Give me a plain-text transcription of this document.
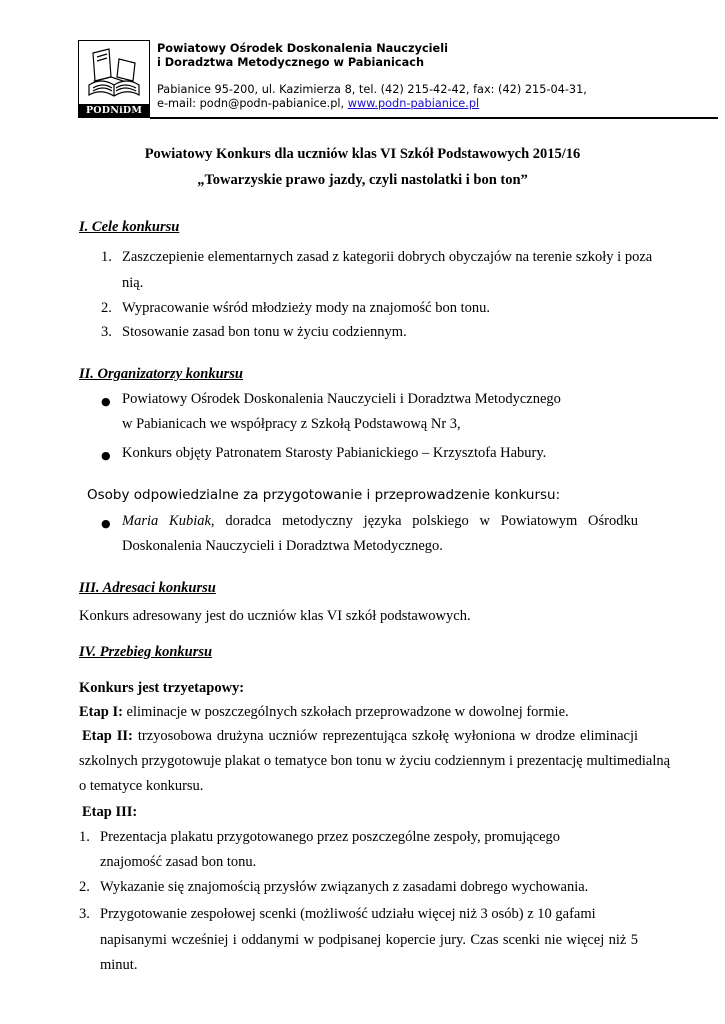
PODNiDM
Powiatowy Ośrodek Doskonalenia Nauczycieli
i Doradztwa Metodycznego w Pabianicach
Pabianice 95-200, ul. Kazimierza 8, tel. (42) 215-42-42, fax: (42) 215-04-31,
e-mail: podn@podn-pabianice.pl, www.podn-pabianice.pl
Powiatowy Konkurs dla uczniów klas VI Szkół Podstawowych 2015/16
„Towarzyskie prawo jazdy, czyli nastolatki i bon ton”
I. Cele konkursu
1. Zaszczepienie elementarnych zasad z kategorii dobrych obyczajów na terenie szkoły i poza
nią.
2. Wypracowanie wśród młodzieży mody na znajomość bon tonu.
3. Stosowanie zasad bon tonu w życiu codziennym.
II. Organizatorzy konkursu
● Powiatowy Ośrodek Doskonalenia Nauczycieli i Doradztwa Metodycznego
w Pabianicach we współpracy z Szkołą Podstawową Nr 3,
● Konkurs objęty Patronatem Starosty Pabianickiego – Krzysztofa Habury.
Osoby odpowiedzialne za przygotowanie i przeprowadzenie konkursu:
● Maria Kubiak, doradca metodyczny języka polskiego w Powiatowym Ośrodku
Doskonalenia Nauczycieli i Doradztwa Metodycznego.
III. Adresaci konkursu
Konkurs adresowany jest do uczniów klas VI szkół podstawowych.
IV. Przebieg konkursu
Konkurs jest trzyetapowy:
Etap I: eliminacje w poszczególnych szkołach przeprowadzone w dowolnej formie.
Etap II: trzyosobowa drużyna uczniów reprezentująca szkołę wyłoniona w drodze eliminacji
szkolnych przygotowuje plakat o tematyce bon tonu w życiu codziennym i prezentację multimedialną
o tematyce konkursu.
Etap III:
1. Prezentacja plakatu przygotowanego przez poszczególne zespoły, promującego
znajomość zasad bon tonu.
2. Wykazanie się znajomością przysłów związanych z zasadami dobrego wychowania.
3. Przygotowanie zespołowej scenki (możliwość udziału więcej niż 3 osób) z 10 gafami
napisanymi wcześniej i oddanymi w podpisanej kopercie jury. Czas scenki nie więcej niż 5
minut.
